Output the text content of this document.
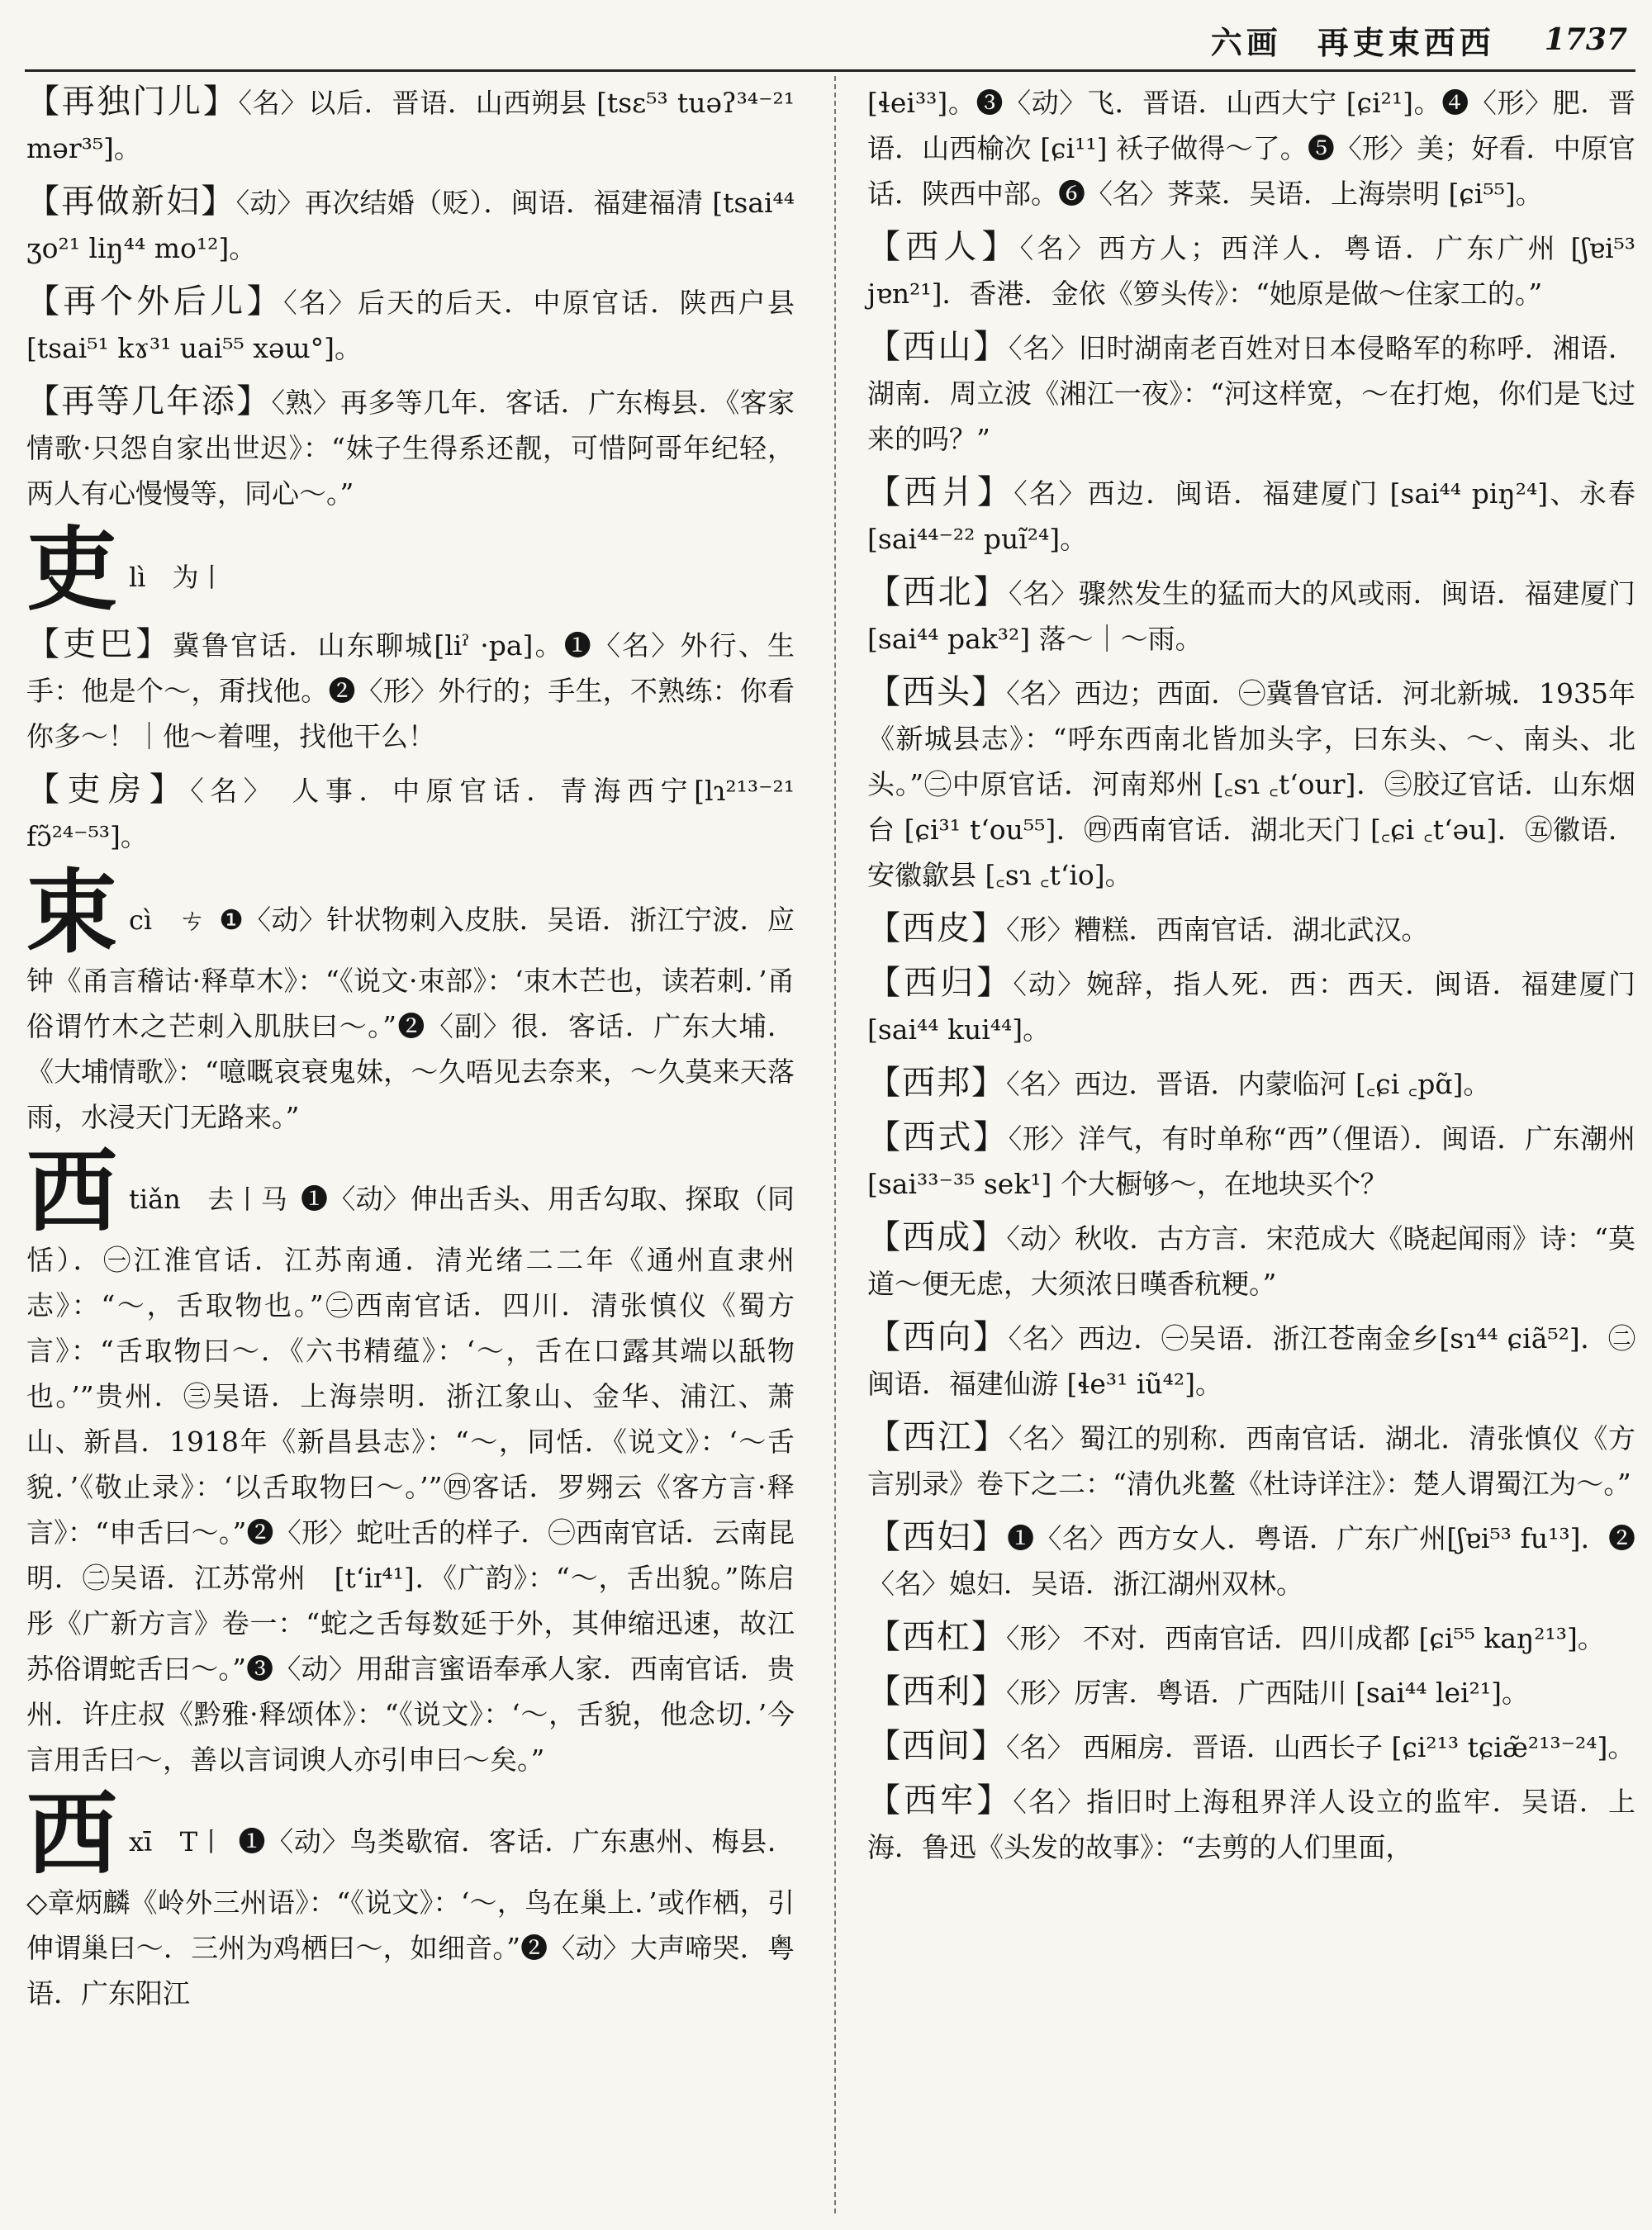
六画　再吏束西西 1737
【再独门儿】〈名〉以后．晋语．山西朔县 [tsɛ⁵³ tuəʔ³⁴⁻²¹ mər³⁵]。
【再做新妇】〈动〉再次结婚（贬）．闽语．福建福清 [tsai⁴⁴ ʒo²¹ liŋ⁴⁴ mo¹²]。
【再个外后儿】〈名〉后天的后天．中原官话．陕西户县 [tsai⁵¹ kɤ³¹ uai⁵⁵ xəɯ°]。
【再等几年添】〈熟〉再多等几年．客话．广东梅县．《客家情歌·只怨自家出世迟》：“妹子生得系还靓，可惜阿哥年纪轻，两人有心慢慢等，同心～。”
吏lì　为丨
【吏巴】冀鲁官话．山东聊城[liˀ ·pa]。❶〈名〉外行、生手：他是个～，甭找他。❷〈形〉外行的；手生，不熟练：你看你多～！｜他～着哩，找他干么！
【吏房】〈名〉 人事．中原官话．青海西宁[lɿ²¹³⁻²¹ fɔ̃²⁴⁻⁵³]。
束cì　ㄘ ❶〈动〉针状物刺入皮肤．吴语．浙江宁波．应钟《甬言稽诂·释草木》：“《说文·朿部》：‘朿木芒也，读若刺．’甬俗谓竹木之芒刺入肌肤曰～。”❷〈副〉很．客话．广东大埔．《大埔情歌》：“噫嘅哀衰鬼妹，～久唔见去奈来，～久莫来天落雨，水浸天门无路来。”
西tiǎn　去丨马 ❶〈动〉伸出舌头、用舌勾取、探取（同恬）．㊀江淮官话．江苏南通．清光绪二二年《通州直隶州志》：“～，舌取物也。”㊁西南官话．四川．清张慎仪《蜀方言》：“舌取物曰～．《六书精蕴》：‘～，舌在口露其端以舐物也。’”贵州．㊂吴语．上海崇明．浙江象山、金华、浦江、萧山、新昌．1918年《新昌县志》：“～，同恬．《说文》：‘～舌貌．’《敬止录》：‘以舌取物曰～。’”㊃客话．罗翙云《客方言·释言》：“申舌曰～。”❷〈形〉蛇吐舌的样子．㊀西南官话．云南昆明．㊁吴语．江苏常州　[t‘iɪ⁴¹]．《广韵》：“～，舌出貌。”陈启彤《广新方言》卷一：“蛇之舌每数延于外，其伸缩迅速，故江苏俗谓蛇舌曰～。”❸〈动〉用甜言蜜语奉承人家．西南官话．贵州．许庄叔《黔雅·释颂体》：“《说文》：‘～，舌貌，他念切．’今言用舌曰～，善以言词谀人亦引申曰～矣。”
西xī　T丨 ❶〈动〉鸟类歇宿．客话．广东惠州、梅县．◇章炳麟《岭外三州语》：“《说文》：‘～，鸟在巢上．’或作栖，引伸谓巢曰～．三州为鸡栖曰～，如细音。”❷〈动〉大声啼哭．粤语．广东阳江
[ɬei³³]。❸〈动〉飞．晋语．山西大宁 [ɕi²¹]。❹〈形〉肥．晋语．山西榆次 [ɕi¹¹] 袄子做得～了。❺〈形〉美；好看．中原官话．陕西中部。❻〈名〉荠菜．吴语．上海崇明 [ɕi⁵⁵]。
【西人】〈名〉西方人；西洋人．粤语．广东广州 [ʃɐi⁵³ jɐn²¹]．香港．金依《箩头传》：“她原是做～住家工的。”
【西山】〈名〉旧时湖南老百姓对日本侵略军的称呼．湘语．湖南．周立波《湘江一夜》：“河这样宽，～在打炮，你们是飞过来的吗？”
【西爿】〈名〉西边．闽语．福建厦门 [sai⁴⁴ piŋ²⁴]、永春 [sai⁴⁴⁻²² puĩ²⁴]。
【西北】〈名〉骤然发生的猛而大的风或雨．闽语．福建厦门 [sai⁴⁴ pak³²] 落～｜～雨。
【西头】〈名〉西边；西面．㊀冀鲁官话．河北新城．1935年《新城县志》：“呼东西南北皆加头字，曰东头、～、南头、北头。”㊁中原官话．河南郑州 [꜀sɿ ꜀t‘our]．㊂胶辽官话．山东烟台 [ɕi³¹ t‘ou⁵⁵]．㊃西南官话．湖北天门 [꜀ɕi ꜀t‘əu]．㊄徽语．安徽歙县 [꜀sɿ ꜀t‘io]。
【西皮】〈形〉糟糕．西南官话．湖北武汉。
【西归】〈动〉婉辞，指人死．西：西天．闽语．福建厦门 [sai⁴⁴ kui⁴⁴]。
【西邦】〈名〉西边．晋语．内蒙临河 [꜀ɕi ꜀pɑ̃]。
【西式】〈形〉洋气，有时单称“西”（俚语）．闽语．广东潮州 [sai³³⁻³⁵ sek¹] 个大橱够～，在地块买个？
【西成】〈动〉秋收．古方言．宋范成大《晓起闻雨》诗：“莫道～便无虑，大须浓日暵香秔粳。”
【西向】〈名〉西边．㊀吴语．浙江苍南金乡[sɿ⁴⁴ ɕiã⁵²]．㊁闽语．福建仙游 [ɬe³¹ iũ⁴²]。
【西江】〈名〉蜀江的别称．西南官话．湖北．清张慎仪《方言别录》卷下之二：“清仇兆鳌《杜诗详注》：楚人谓蜀江为～。”
【西妇】❶〈名〉西方女人．粤语．广东广州[ʃɐi⁵³ fu¹³]．❷〈名〉媳妇．吴语．浙江湖州双林。
【西杠】〈形〉 不对．西南官话．四川成都 [ɕi⁵⁵ kaŋ²¹³]。
【西利】〈形〉厉害．粤语．广西陆川 [sai⁴⁴ lei²¹]。
【西间】〈名〉 西厢房．晋语．山西长子 [ɕi²¹³ tɕiæ̃²¹³⁻²⁴]。
【西牢】〈名〉指旧时上海租界洋人设立的监牢．吴语．上海．鲁迅《头发的故事》：“去剪的人们里面，
